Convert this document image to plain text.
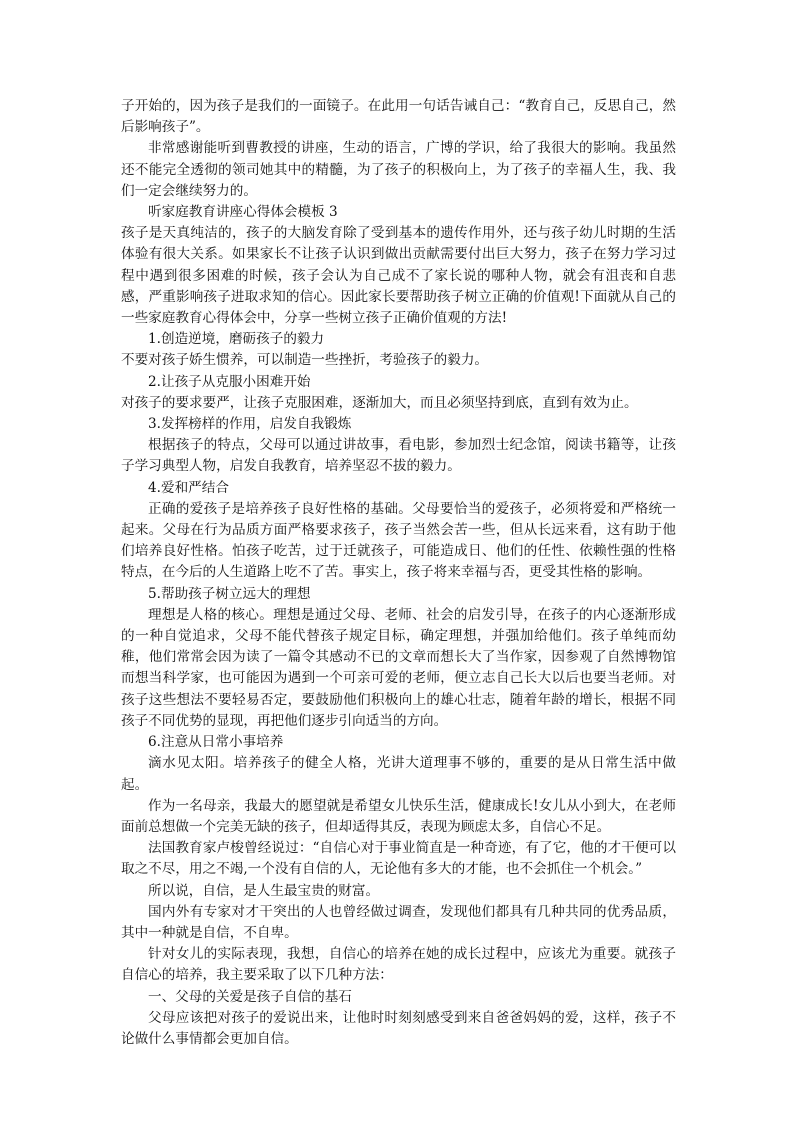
子开始的，因为孩子是我们的一面镜子。在此用一句话告诫自己：“教育自己，反思自己，然后影响孩子”。

非常感谢能听到曹教授的讲座，生动的语言，广博的学识，给了我很大的影响。我虽然还不能完全透彻的领司她其中的精髓，为了孩子的积极向上，为了孩子的幸福人生，我、我们一定会继续努力的。

听家庭教育讲座心得体会模板 3

孩子是天真纯洁的，孩子的大脑发育除了受到基本的遗传作用外，还与孩子幼儿时期的生活体验有很大关系。如果家长不让孩子认识到做出贡献需要付出巨大努力，孩子在努力学习过程中遇到很多困难的时候，孩子会认为自己成不了家长说的哪种人物，就会有沮丧和自悲感，严重影响孩子进取求知的信心。因此家长要帮助孩子树立正确的价值观!下面就从自己的一些家庭教育心得体会中，分享一些树立孩子正确价值观的方法!

1.创造逆境，磨砺孩子的毅力

不要对孩子娇生惯养，可以制造一些挫折，考验孩子的毅力。

2.让孩子从克服小困难开始

对孩子的要求要严，让孩子克服困难，逐渐加大，而且必须坚持到底，直到有效为止。

3.发挥榜样的作用，启发自我锻炼

根据孩子的特点，父母可以通过讲故事，看电影，参加烈士纪念馆，阅读书籍等，让孩子学习典型人物，启发自我教育，培养坚忍不拔的毅力。

4.爱和严结合

正确的爱孩子是培养孩子良好性格的基础。父母要恰当的爱孩子，必须将爱和严格统一起来。父母在行为品质方面严格要求孩子，孩子当然会苦一些，但从长远来看，这有助于他们培养良好性格。怕孩子吃苦，过于迁就孩子，可能造成日、他们的任性、依赖性强的性格特点，在今后的人生道路上吃不了苦。事实上，孩子将来幸福与否，更受其性格的影响。

5.帮助孩子树立远大的理想

理想是人格的核心。理想是通过父母、老师、社会的启发引导，在孩子的内心逐渐形成的一种自觉追求，父母不能代替孩子规定目标，确定理想，并强加给他们。孩子单纯而幼稚，他们常常会因为读了一篇令其感动不已的文章而想长大了当作家，因参观了自然博物馆而想当科学家，也可能因为遇到一个可亲可爱的老师，便立志自己长大以后也要当老师。对孩子这些想法不要轻易否定，要鼓励他们积极向上的雄心壮志，随着年龄的增长，根据不同孩子不同优势的显现，再把他们逐步引向适当的方向。

6.注意从日常小事培养

滴水见太阳。培养孩子的健全人格，光讲大道理事不够的，重要的是从日常生活中做起。

作为一名母亲，我最大的愿望就是希望女儿快乐生活，健康成长!女儿从小到大，在老师面前总想做一个完美无缺的孩子，但却适得其反，表现为顾虑太多，自信心不足。

法国教育家卢梭曾经说过：“自信心对于事业简直是一种奇迹，有了它，他的才干便可以取之不尽，用之不竭,一个没有自信的人，无论他有多大的才能，也不会抓住一个机会。”

所以说，自信，是人生最宝贵的财富。

国内外有专家对才干突出的人也曾经做过调查，发现他们都具有几种共同的优秀品质，其中一种就是自信，不自卑。

针对女儿的实际表现，我想，自信心的培养在她的成长过程中，应该尤为重要。就孩子自信心的培养，我主要采取了以下几种方法：

一、父母的关爱是孩子自信的基石

父母应该把对孩子的爱说出来，让他时时刻刻感受到来自爸爸妈妈的爱，这样，孩子不论做什么事情都会更加自信。
